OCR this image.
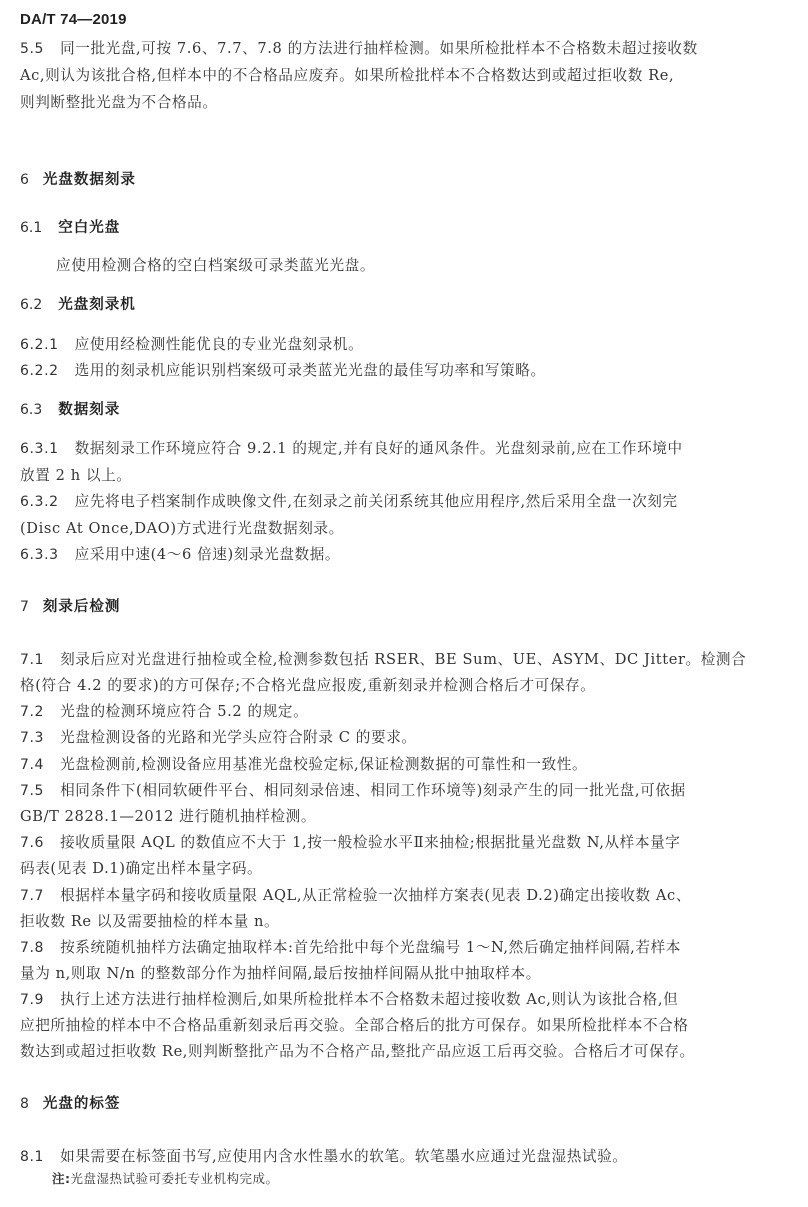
DA/T 74—2019
5.5 同一批光盘,可按 7.6、7.7、7.8 的方法进行抽样检测。如果所检批样本不合格数未超过接收数
Ac,则认为该批合格,但样本中的不合格品应废弃。如果所检批样本不合格数达到或超过拒收数 Re,
则判断整批光盘为不合格品。
6 光盘数据刻录
6.1 空白光盘
应使用检测合格的空白档案级可录类蓝光光盘。
6.2 光盘刻录机
6.2.1 应使用经检测性能优良的专业光盘刻录机。
6.2.2 选用的刻录机应能识别档案级可录类蓝光光盘的最佳写功率和写策略。
6.3 数据刻录
6.3.1 数据刻录工作环境应符合 9.2.1 的规定,并有良好的通风条件。光盘刻录前,应在工作环境中
放置 2 h 以上。
6.3.2 应先将电子档案制作成映像文件,在刻录之前关闭系统其他应用程序,然后采用全盘一次刻完
(Disc At Once,DAO)方式进行光盘数据刻录。
6.3.3 应采用中速(4～6 倍速)刻录光盘数据。
7 刻录后检测
7.1 刻录后应对光盘进行抽检或全检,检测参数包括 RSER、BE Sum、UE、ASYM、DC Jitter。检测合
格(符合 4.2 的要求)的方可保存;不合格光盘应报废,重新刻录并检测合格后才可保存。
7.2 光盘的检测环境应符合 5.2 的规定。
7.3 光盘检测设备的光路和光学头应符合附录 C 的要求。
7.4 光盘检测前,检测设备应用基准光盘校验定标,保证检测数据的可靠性和一致性。
7.5 相同条件下(相同软硬件平台、相同刻录倍速、相同工作环境等)刻录产生的同一批光盘,可依据
GB/T 2828.1—2012 进行随机抽样检测。
7.6 接收质量限 AQL 的数值应不大于 1,按一般检验水平Ⅱ来抽检;根据批量光盘数 N,从样本量字
码表(见表 D.1)确定出样本量字码。
7.7 根据样本量字码和接收质量限 AQL,从正常检验一次抽样方案表(见表 D.2)确定出接收数 Ac、
拒收数 Re 以及需要抽检的样本量 n。
7.8 按系统随机抽样方法确定抽取样本:首先给批中每个光盘编号 1～N,然后确定抽样间隔,若样本
量为 n,则取 N/n 的整数部分作为抽样间隔,最后按抽样间隔从批中抽取样本。
7.9 执行上述方法进行抽样检测后,如果所检批样本不合格数未超过接收数 Ac,则认为该批合格,但
应把所抽检的样本中不合格品重新刻录后再交验。全部合格后的批方可保存。如果所检批样本不合格
数达到或超过拒收数 Re,则判断整批产品为不合格产品,整批产品应返工后再交验。合格后才可保存。
8 光盘的标签
8.1 如果需要在标签面书写,应使用内含水性墨水的软笔。软笔墨水应通过光盘湿热试验。
注:光盘湿热试验可委托专业机构完成。
